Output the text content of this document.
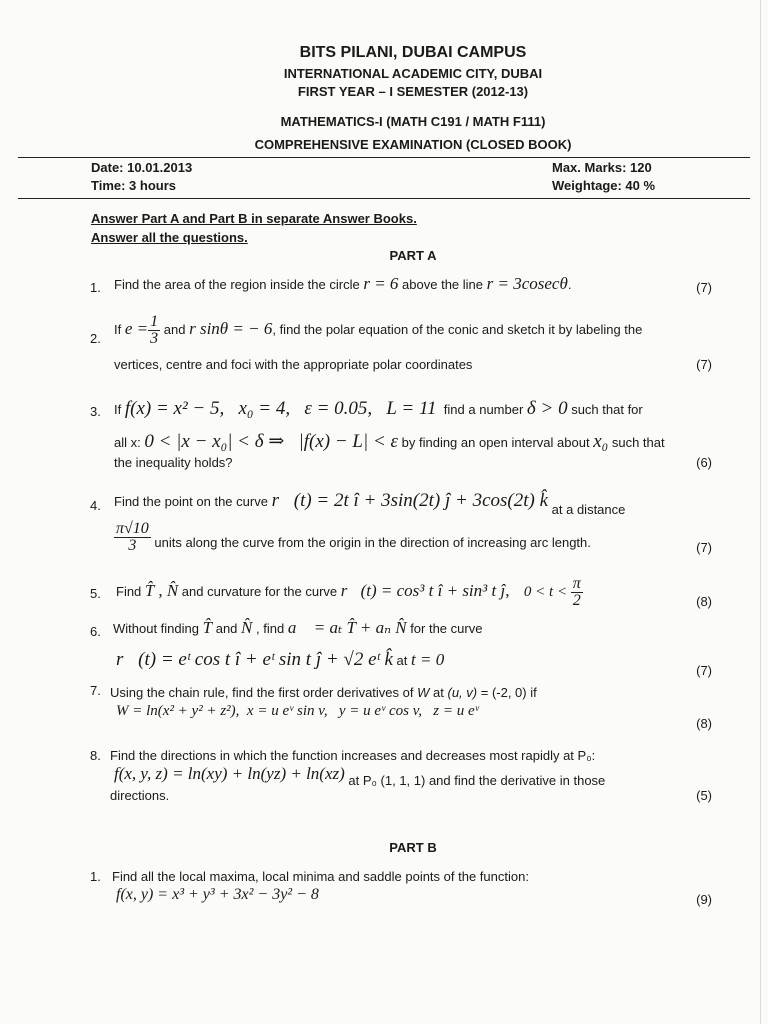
BITS PILANI, DUBAI CAMPUS
INTERNATIONAL ACADEMIC CITY, DUBAI
FIRST YEAR – I SEMESTER (2012-13)
MATHEMATICS-I (MATH C191 / MATH F111)
COMPREHENSIVE EXAMINATION (CLOSED BOOK)
Date: 10.01.2013
Time: 3 hours
Max. Marks: 120
Weightage: 40 %
Answer Part A and Part B in separate Answer Books.
Answer all the questions.
PART A
1. Find the area of the region inside the circle r = 6 above the line r = 3cosecθ.	(7)
2.
If $e = \frac{1}{3}$ and r sinθ = − 6, find the polar equation of the conic and sketch it by labeling the
vertices, centre and foci with the appropriate polar coordinates	(7)
3. If f(x) = x² − 5,   x₀ = 4,   ε = 0.05,   L = 11 find a number δ > 0 such that for
all x: 0 < |x − x₀| < δ ⇒   |f(x) − L| < ε by finding an open interval about x₀ such that
the inequality holds?	(6)
4. Find the point on the curve r⃗(t) = 2t î + 3sin(2t) ĵ + 3cos(2t) k̂ at a distance
$\frac{\pi√10}{3}$ units along the curve from the origin in the direction of increasing arc length.	(7)
5. Find T̂ , N̂ and curvature for the curve r⃗(t) = cos³ t î + sin³ t ĵ, $0 < t < \frac{\pi}{2}$	(8)
6. Without finding T̂ and N̂ , find a⃗ = aₜ T̂ + aₙ N̂ for the curve
r⃗(t) = eᵗ cos t î + eᵗ sin t ĵ + √2 eᵗ k̂ at t = 0
(7)
7. Using the chain rule, find the first order derivatives of W at (u, v) = (-2, 0) if
W = ln(x² + y² + z²),  x = u eᵛ sin v,   y = u eᵛ cos v,   z = u eᵛ
(8)
8. Find the directions in which the function increases and decreases most rapidly at P₀:
f(x, y, z) = ln(xy) + ln(yz) + ln(xz) at P₀ (1, 1, 1) and find the derivative in those
directions.	(5)
PART B
1. Find all the local maxima, local minima and saddle points of the function:
f(x, y) = x³ + y³ + 3x² − 3y² − 8	(9)
